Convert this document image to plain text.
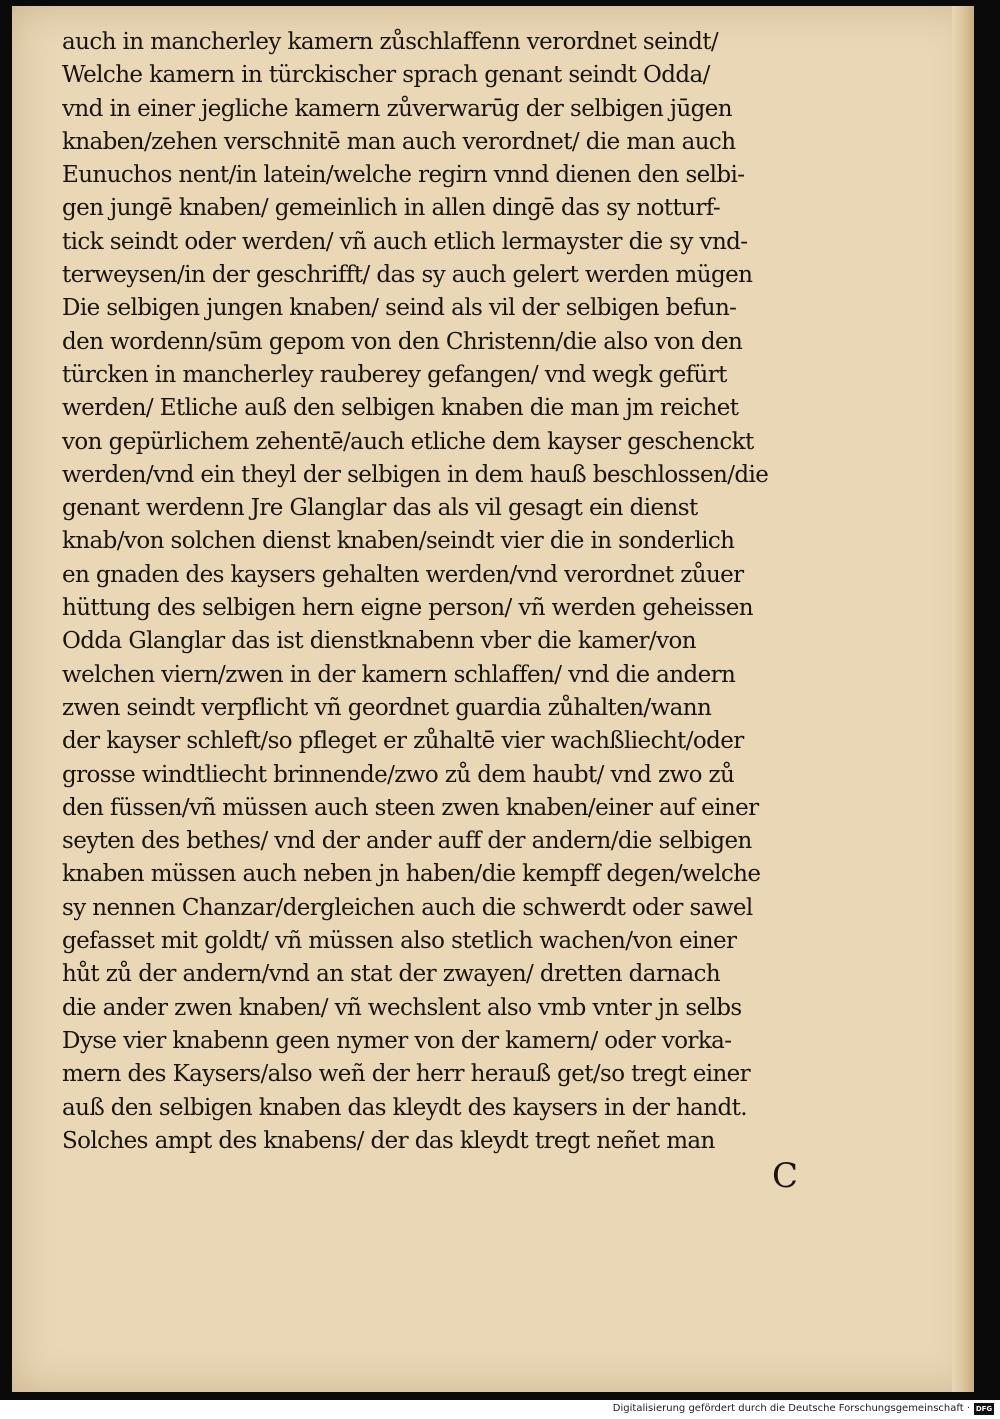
auch in mancherley kamern zůschlaffenn verordnet seindt/
Welche kamern in türckischer sprach genant seindt Odda/
vnd in einer jegliche kamern zůverwarūg der selbigen jūgen
knaben/zehen verschnitē man auch verordnet/ die man auch
Eunuchos nent/in latein/welche regirn vnnd dienen den selbi-
gen jungē knaben/ gemeinlich in allen dingē das sy notturf-
tick seindt oder werden/ vñ auch etlich lermayster die sy vnd-
terweysen/in der geschrifft/ das sy auch gelert werden mügen
Die selbigen jungen knaben/ seind als vil der selbigen befun-
den wordenn/sūm gepom von den Christenn/die also von den
türcken in mancherley rauberey gefangen/ vnd wegk gefürt
werden/ Etliche auß den selbigen knaben die man jm reichet
von gepürlichem zehentē/auch etliche dem kayser geschenckt
werden/vnd ein theyl der selbigen in dem hauß beschlossen/die
genant werdenn Jre Glanglar das als vil gesagt ein dienst
knab/von solchen dienst knaben/seindt vier die in sonderlich
en gnaden des kaysers gehalten werden/vnd verordnet zůuer
hüttung des selbigen hern eigne person/ vñ werden geheissen
Odda Glanglar das ist dienstknabenn vber die kamer/von
welchen viern/zwen in der kamern schlaffen/ vnd die andern
zwen seindt verpflicht vñ geordnet guardia zůhalten/wann
der kayser schleft/so pfleget er zůhaltē vier wachßliecht/oder
grosse windtliecht brinnende/zwo zů dem haubt/ vnd zwo zů
den füssen/vñ müssen auch steen zwen knaben/einer auf einer
seyten des bethes/ vnd der ander auff der andern/die selbigen
knaben müssen auch neben jn haben/die kempff degen/welche
sy nennen Chanzar/dergleichen auch die schwerdt oder sawel
gefasset mit goldt/ vñ müssen also stetlich wachen/von einer
hůt zů der andern/vnd an stat der zwayen/ dretten darnach
die ander zwen knaben/ vñ wechslent also vmb vnter jn selbs
Dyse vier knabenn geen nymer von der kamern/ oder vorka-
mern des Kaysers/also weñ der herr herauß get/so tregt einer
auß den selbigen knaben das kleydt des kaysers in der handt.
Solches ampt des knabens/ der das kleydt tregt neñet man
C
Digitalisierung gefördert durch die Deutsche Forschungsgemeinschaft · DFG
